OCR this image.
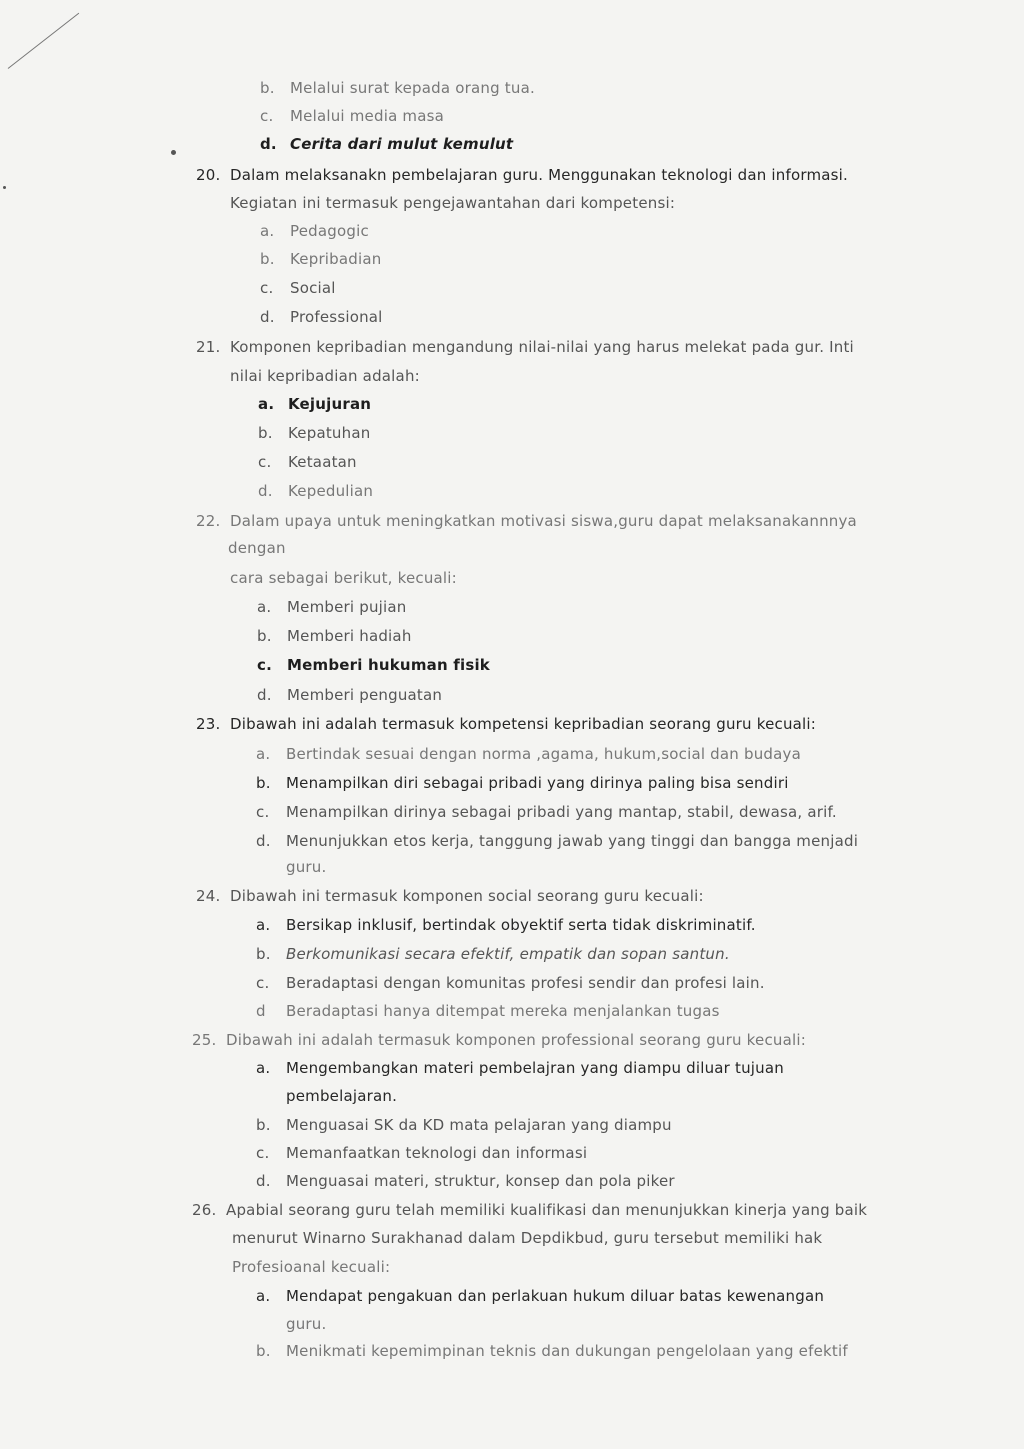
b. Melalui surat kepada orang tua.
c. Melalui media masa
d. Cerita dari mulut kemulut
20. Dalam melaksanakn pembelajaran guru. Menggunakan teknologi dan informasi.
Kegiatan ini termasuk pengejawantahan dari kompetensi:
a. Pedagogic
b. Kepribadian
c. Social
d. Professional
21. Komponen kepribadian mengandung nilai-nilai yang harus melekat pada gur. Inti
nilai kepribadian adalah:
a. Kejujuran
b. Kepatuhan
c. Ketaatan
d. Kepedulian
22. Dalam upaya untuk meningkatkan motivasi siswa,guru dapat melaksanakannnya
dengan
cara sebagai berikut, kecuali:
a. Memberi pujian
b. Memberi hadiah
c. Memberi hukuman fisik
d. Memberi penguatan
23. Dibawah ini adalah termasuk kompetensi kepribadian seorang guru kecuali:
a. Bertindak sesuai dengan norma ,agama, hukum,social dan budaya
b. Menampilkan diri sebagai pribadi yang dirinya paling bisa sendiri
c. Menampilkan dirinya sebagai pribadi yang mantap, stabil, dewasa, arif.
d. Menunjukkan etos kerja, tanggung jawab yang tinggi dan bangga menjadi
guru.
24. Dibawah ini termasuk komponen social seorang guru kecuali:
a. Bersikap inklusif, bertindak obyektif serta tidak diskriminatif.
b. Berkomunikasi secara efektif, empatik dan sopan santun.
c. Beradaptasi dengan komunitas profesi sendir dan profesi lain.
d Beradaptasi hanya ditempat mereka menjalankan tugas
25. Dibawah ini adalah termasuk komponen professional seorang guru kecuali:
a. Mengembangkan materi pembelajran yang diampu diluar tujuan
pembelajaran.
b. Menguasai SK da KD mata pelajaran yang diampu
c. Memanfaatkan teknologi dan informasi
d. Menguasai materi, struktur, konsep dan pola piker
26. Apabial seorang guru telah memiliki kualifikasi dan menunjukkan kinerja yang baik
menurut Winarno Surakhanad dalam Depdikbud, guru tersebut memiliki hak
Profesioanal kecuali:
a. Mendapat pengakuan dan perlakuan hukum diluar batas kewenangan
guru.
b. Menikmati kepemimpinan teknis dan dukungan pengelolaan yang efektif
